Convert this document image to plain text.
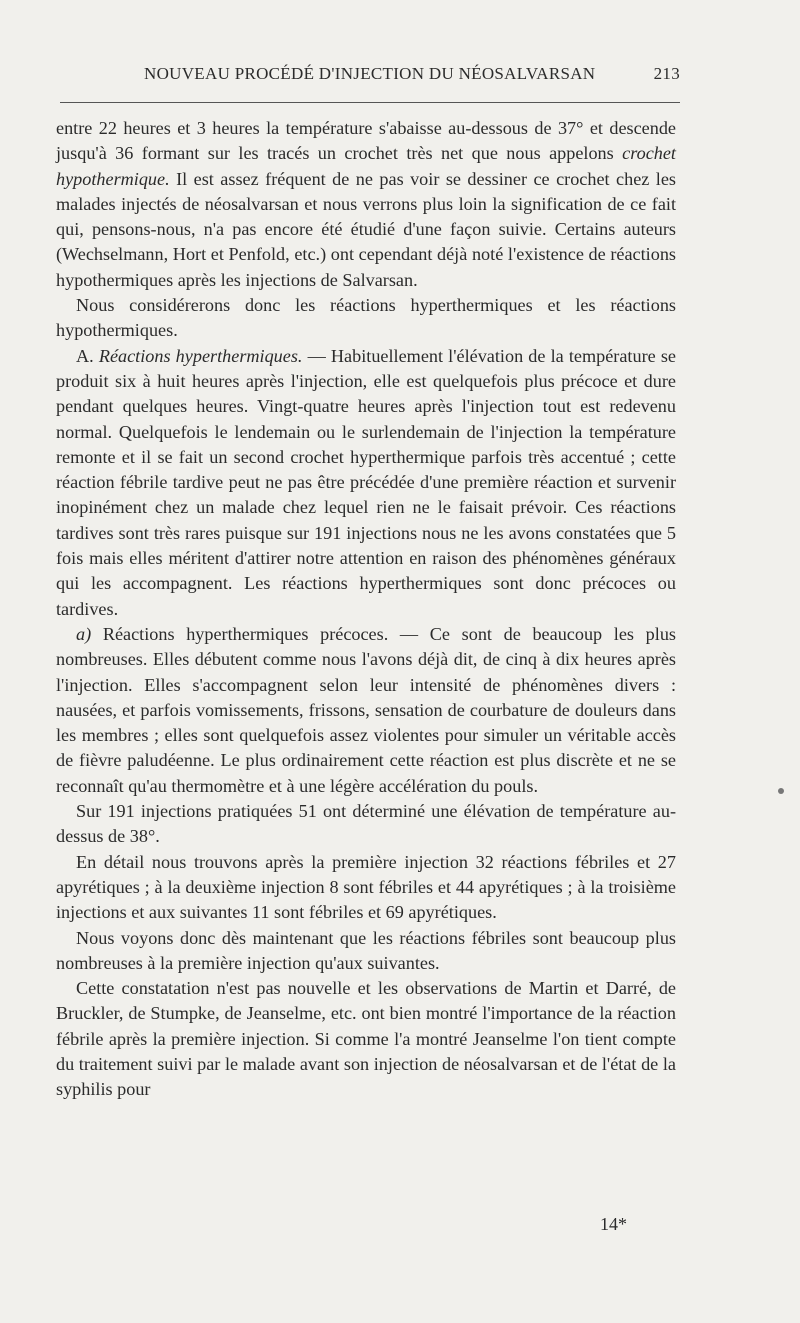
NOUVEAU PROCÉDÉ D'INJECTION DU NÉOSALVARSAN	213

entre 22 heures et 3 heures la température s'abaisse au-dessous de 37° et descende jusqu'à 36 formant sur les tracés un crochet très net que nous appelons crochet hypothermique. Il est assez fréquent de ne pas voir se dessiner ce crochet chez les malades injectés de néosalvarsan et nous verrons plus loin la signification de ce fait qui, pensons-nous, n'a pas encore été étudié d'une façon suivie. Certains auteurs (Wechselmann, Hort et Penfold, etc.) ont cependant déjà noté l'existence de réactions hypothermiques après les injections de Salvarsan.

Nous considérerons donc les réactions hyperthermiques et les réactions hypothermiques.

A. Réactions hyperthermiques. — Habituellement l'élévation de la température se produit six à huit heures après l'injection, elle est quelquefois plus précoce et dure pendant quelques heures. Vingt-quatre heures après l'injection tout est redevenu normal. Quelquefois le lendemain ou le surlendemain de l'injection la température remonte et il se fait un second crochet hyperthermique parfois très accentué ; cette réaction fébrile tardive peut ne pas être précédée d'une première réaction et survenir inopinément chez un malade chez lequel rien ne le faisait prévoir. Ces réactions tardives sont très rares puisque sur 191 injections nous ne les avons constatées que 5 fois mais elles méritent d'attirer notre attention en raison des phénomènes généraux qui les accompagnent. Les réactions hyperthermiques sont donc précoces ou tardives.

a) Réactions hyperthermiques précoces. — Ce sont de beaucoup les plus nombreuses. Elles débutent comme nous l'avons déjà dit, de cinq à dix heures après l'injection. Elles s'accompagnent selon leur intensité de phénomènes divers : nausées, et parfois vomissements, frissons, sensation de courbature de douleurs dans les membres ; elles sont quelquefois assez violentes pour simuler un véritable accès de fièvre paludéenne. Le plus ordinairement cette réaction est plus discrète et ne se reconnaît qu'au thermomètre et à une légère accélération du pouls.

Sur 191 injections pratiquées 51 ont déterminé une élévation de température au-dessus de 38°.

En détail nous trouvons après la première injection 32 réactions fébriles et 27 apyrétiques ; à la deuxième injection 8 sont fébriles et 44 apyrétiques ; à la troisième injections et aux suivantes 11 sont fébriles et 69 apyrétiques.

Nous voyons donc dès maintenant que les réactions fébriles sont beaucoup plus nombreuses à la première injection qu'aux suivantes.

Cette constatation n'est pas nouvelle et les observations de Martin et Darré, de Bruckler, de Stumpke, de Jeanselme, etc. ont bien montré l'importance de la réaction fébrile après la première injection. Si comme l'a montré Jeanselme l'on tient compte du traitement suivi par le malade avant son injection de néosalvarsan et de l'état de la syphilis pour

14*
